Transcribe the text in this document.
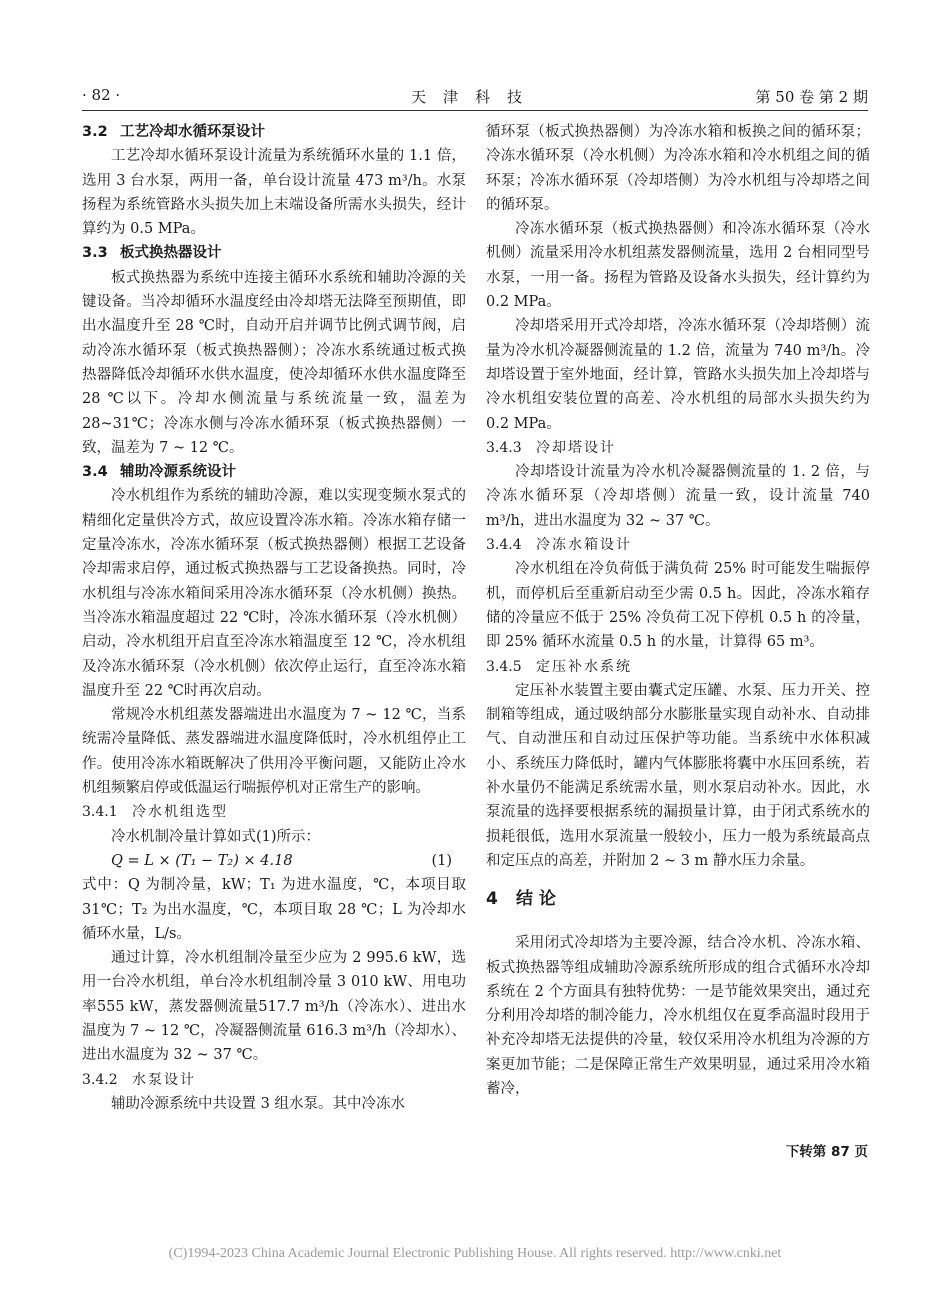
· 82 ·	天津科技	第 50 卷 第 2 期
3.2 工艺冷却水循环泵设计

工艺冷却水循环泵设计流量为系统循环水量的 1.1 倍，选用 3 台水泵，两用一备，单台设计流量 473 m³/h。水泵扬程为系统管路水头损失加上末端设备所需水头损失，经计算约为 0.5 MPa。

3.3 板式换热器设计

板式换热器为系统中连接主循环水系统和辅助冷源的关键设备。当冷却循环水温度经由冷却塔无法降至预期值，即出水温度升至 28 ℃时，自动开启并调节比例式调节阀，启动冷冻水循环泵（板式换热器侧）；冷冻水系统通过板式换热器降低冷却循环水供水温度，使冷却循环水供水温度降至 28 ℃以下。冷却水侧流量与系统流量一致，温差为 28~31℃；冷冻水侧与冷冻水循环泵（板式换热器侧）一致，温差为 7 ~ 12 ℃。

3.4 辅助冷源系统设计

冷水机组作为系统的辅助冷源，难以实现变频水泵式的精细化定量供冷方式，故应设置冷冻水箱。冷冻水箱存储一定量冷冻水，冷冻水循环泵（板式换热器侧）根据工艺设备冷却需求启停，通过板式换热器与工艺设备换热。同时，冷水机组与冷冻水箱间采用冷冻水循环泵（冷水机侧）换热。当冷冻水箱温度超过 22 ℃时，冷冻水循环泵（冷水机侧）启动，冷水机组开启直至冷冻水箱温度至 12 ℃，冷水机组及冷冻水循环泵（冷水机侧）依次停止运行，直至冷冻水箱温度升至 22 ℃时再次启动。

常规冷水机组蒸发器端进出水温度为 7 ~ 12 ℃，当系统需冷量降低、蒸发器端进水温度降低时，冷水机组停止工作。使用冷冻水箱既解决了供用冷平衡问题，又能防止冷水机组频繁启停或低温运行喘振停机对正常生产的影响。

3.4.1 冷水机组选型

冷水机制冷量计算如式(1)所示：

Q = L × (T₁ − T₂) × 4.18	(1)

式中：Q 为制冷量，kW；T₁ 为进水温度，℃，本项目取 31℃；T₂ 为出水温度，℃，本项目取 28 ℃；L 为冷却水循环水量，L/s。

通过计算，冷水机组制冷量至少应为 2 995.6 kW，选用一台冷水机组，单台冷水机组制冷量 3 010 kW、用电功率555 kW，蒸发器侧流量517.7 m³/h（冷冻水）、进出水温度为 7 ~ 12 ℃，冷凝器侧流量 616.3 m³/h（冷却水）、进出水温度为 32 ~ 37 ℃。

3.4.2 水泵设计

辅助冷源系统中共设置 3 组水泵。其中冷冻水

循环泵（板式换热器侧）为冷冻水箱和板换之间的循环泵；冷冻水循环泵（冷水机侧）为冷冻水箱和冷水机组之间的循环泵；冷冻水循环泵（冷却塔侧）为冷水机组与冷却塔之间的循环泵。

冷冻水循环泵（板式换热器侧）和冷冻水循环泵（冷水机侧）流量采用冷水机组蒸发器侧流量，选用 2 台相同型号水泵，一用一备。扬程为管路及设备水头损失，经计算约为 0.2 MPa。

冷却塔采用开式冷却塔，冷冻水循环泵（冷却塔侧）流量为冷水机冷凝器侧流量的 1.2 倍，流量为 740 m³/h。冷却塔设置于室外地面，经计算，管路水头损失加上冷却塔与冷水机组安装位置的高差、冷水机组的局部水头损失约为 0.2 MPa。

3.4.3 冷却塔设计

冷却塔设计流量为冷水机冷凝器侧流量的 1. 2 倍，与冷冻水循环泵（冷却塔侧）流量一致，设计流量 740 m³/h，进出水温度为 32 ~ 37 ℃。

3.4.4 冷冻水箱设计

冷水机组在冷负荷低于满负荷 25% 时可能发生喘振停机，而停机后至重新启动至少需 0.5 h。因此，冷冻水箱存储的冷量应不低于 25% 冷负荷工况下停机 0.5 h 的冷量，即 25% 循环水流量 0.5 h 的水量，计算得 65 m³。

3.4.5 定压补水系统

定压补水装置主要由囊式定压罐、水泵、压力开关、控制箱等组成，通过吸纳部分水膨胀量实现自动补水、自动排气、自动泄压和自动过压保护等功能。当系统中水体积减小、系统压力降低时，罐内气体膨胀将囊中水压回系统，若补水量仍不能满足系统需水量，则水泵启动补水。因此，水泵流量的选择要根据系统的漏损量计算，由于闭式系统水的损耗很低，选用水泵流量一般较小，压力一般为系统最高点和定压点的高差，并附加 2 ~ 3 m 静水压力余量。

4 结 论

采用闭式冷却塔为主要冷源，结合冷水机、冷冻水箱、板式换热器等组成辅助冷源系统所形成的组合式循环水冷却系统在 2 个方面具有独特优势：一是节能效果突出，通过充分利用冷却塔的制冷能力，冷水机组仅在夏季高温时段用于补充冷却塔无法提供的冷量，较仅采用冷水机组为冷源的方案更加节能；二是保障正常生产效果明显，通过采用冷水箱蓄冷，

下转第 87 页
(C)1994-2023 China Academic Journal Electronic Publishing House. All rights reserved. http://www.cnki.net
